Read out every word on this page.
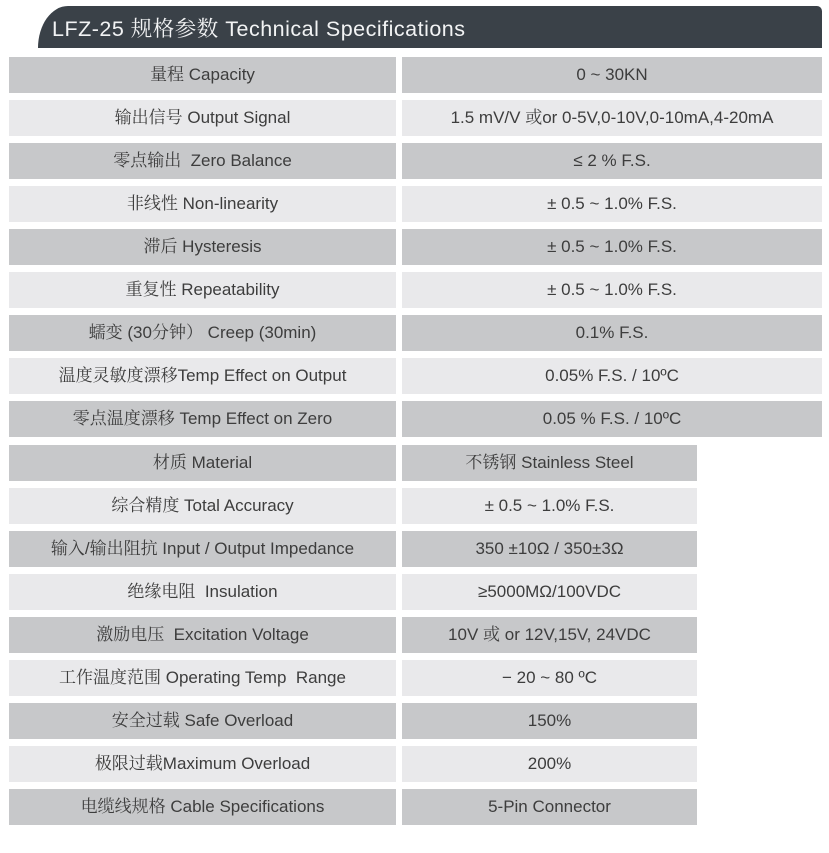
LFZ-25 规格参数 Technical Specifications
量程 Capacity	0 ~ 30KN
输出信号 Output Signal	1.5 mV/V 或or 0-5V,0-10V,0-10mA,4-20mA
零点输出  Zero Balance	≤ 2 % F.S.
非线性 Non-linearity	± 0.5 ~ 1.0% F.S.
滞后 Hysteresis	± 0.5 ~ 1.0% F.S.
重复性 Repeatability	± 0.5 ~ 1.0% F.S.
蠕变 (30分钟） Creep (30min)	0.1% F.S.
温度灵敏度漂移Temp Effect on Output	0.05% F.S. / 10ºC
零点温度漂移 Temp Effect on Zero	0.05 % F.S. / 10ºC
材质 Material	不锈钢 Stainless Steel
综合精度 Total Accuracy	± 0.5 ~ 1.0% F.S.
输入/输出阻抗 Input / Output Impedance	350 ±10Ω / 350±3Ω
绝缘电阻  Insulation	≥5000MΩ/100VDC
激励电压  Excitation Voltage	10V 或 or 12V,15V, 24VDC
工作温度范围 Operating Temp  Range	− 20 ~ 80 ºC
安全过载 Safe Overload	150%
极限过载Maximum Overload	200%
电缆线规格 Cable Specifications	5-Pin Connector
